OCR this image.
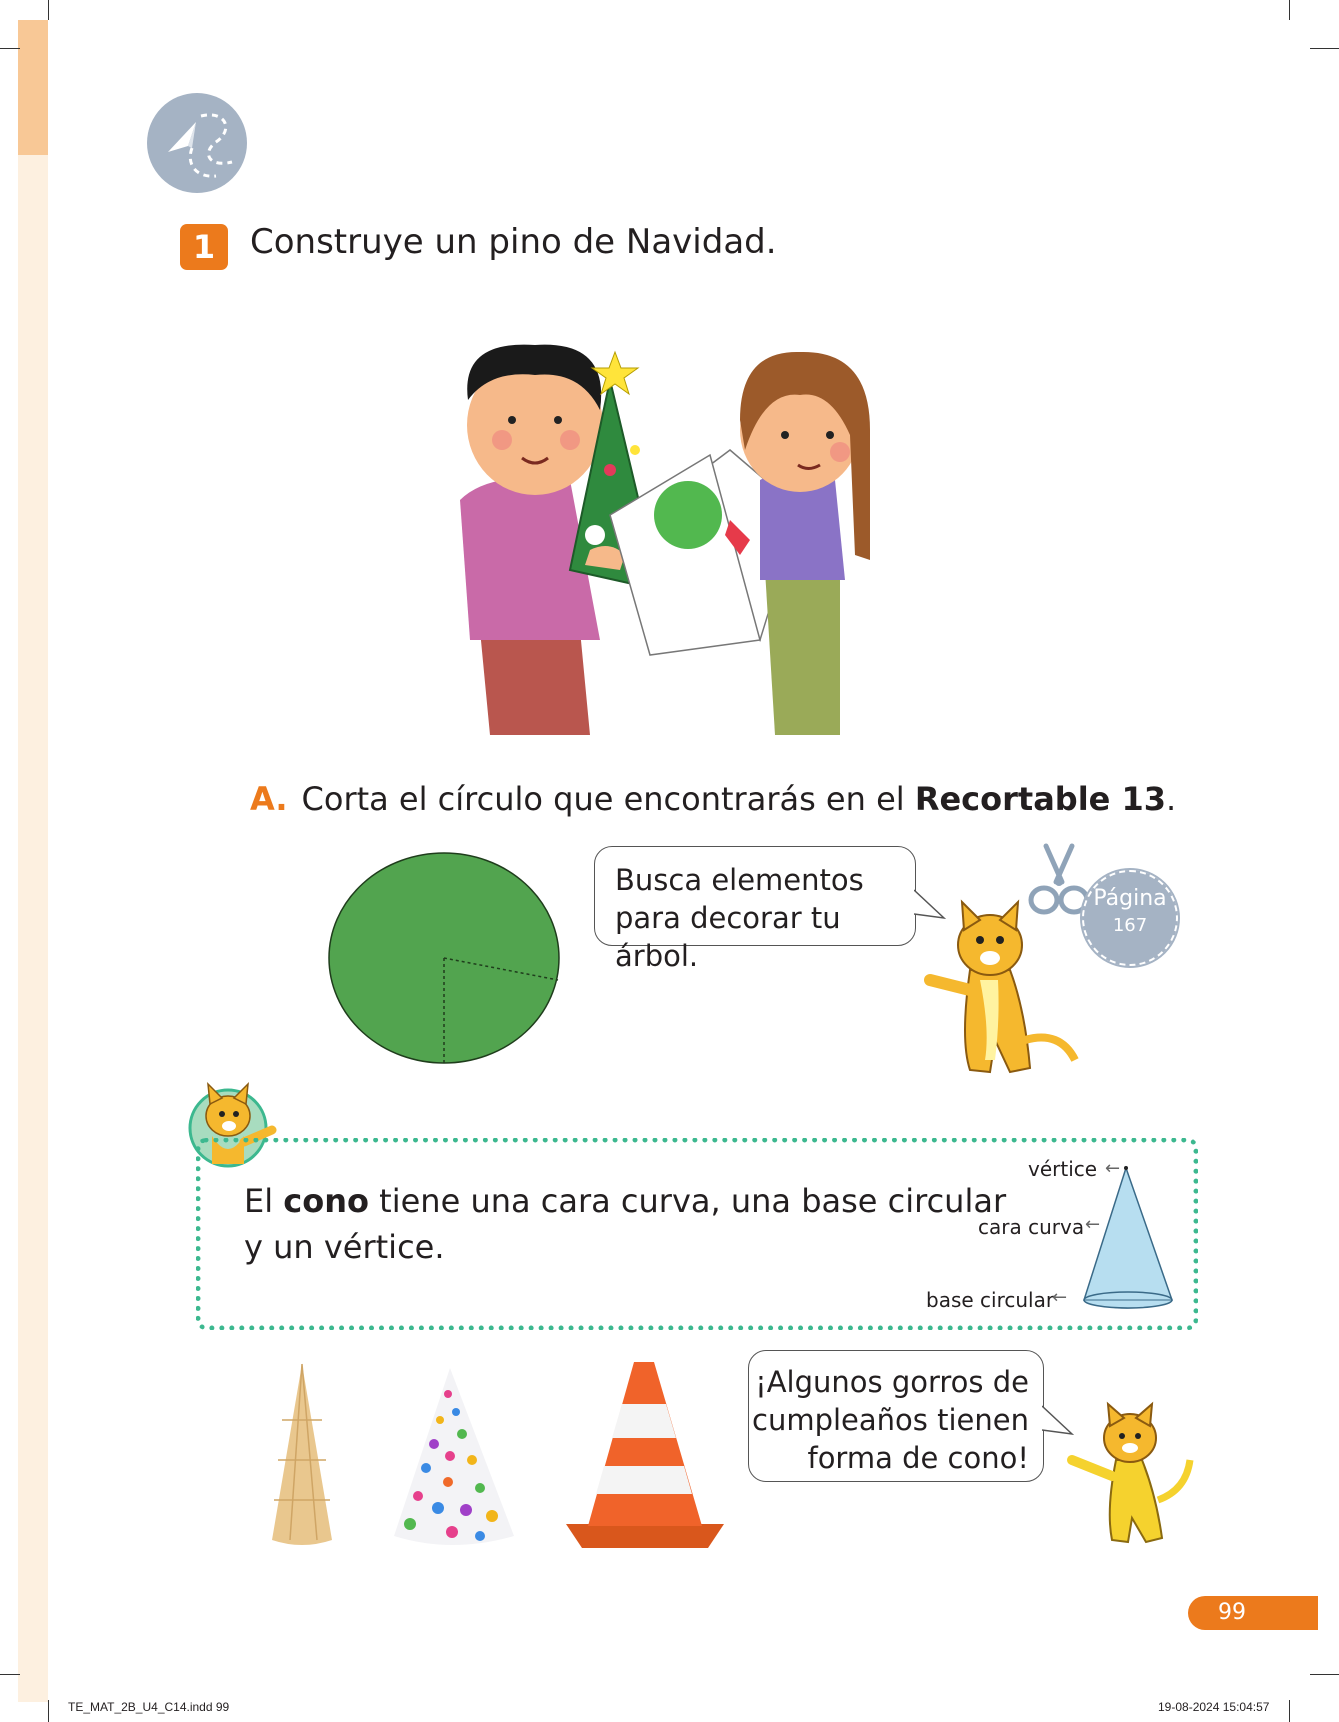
1	Construye un pino de Navidad.
A. Corta el círculo que encontrarás en el Recortable 13.
Busca elementos
para decorar tu árbol.
Página
167
El cono tiene una cara curva, una base circular
y un vértice.
vértice ←
cara curva ←
base circular
←
¡Algunos gorros de
cumpleaños tienen
forma de cono!
99
TE_MAT_2B_U4_C14.indd 99	19-08-2024 15:04:57
